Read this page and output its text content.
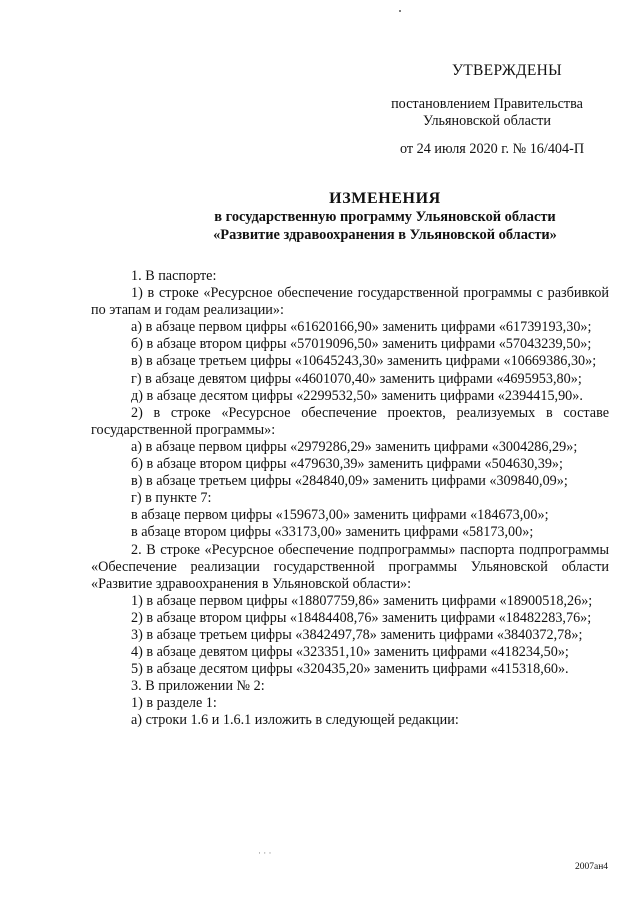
УТВЕРЖДЕНЫ
постановлением Правительства
Ульяновской области
от 24 июля 2020 г. № 16/404-П
ИЗМЕНЕНИЯ
в государственную программу Ульяновской области
«Развитие здравоохранения в Ульяновской области»

1. В паспорте:

1) в строке «Ресурсное обеспечение государственной программы с разбивкой по этапам и годам реализации»:

а) в абзаце первом цифры «61620166,90» заменить цифрами «61739193,30»;

б) в абзаце втором цифры «57019096,50» заменить цифрами «57043239,50»;

в) в абзаце третьем цифры «10645243,30» заменить цифрами «10669386,30»;

г) в абзаце девятом цифры «4601070,40» заменить цифрами «4695953,80»;

д) в абзаце десятом цифры «2299532,50» заменить цифрами «2394415,90».

2) в строке «Ресурсное обеспечение проектов, реализуемых в составе государственной программы»:

а) в абзаце первом цифры «2979286,29» заменить цифрами «3004286,29»;

б) в абзаце втором цифры «479630,39» заменить цифрами «504630,39»;

в) в абзаце третьем цифры «284840,09» заменить цифрами «309840,09»;

г) в пункте 7:

в абзаце первом цифры «159673,00» заменить цифрами «184673,00»;

в абзаце втором цифры «33173,00» заменить цифрами «58173,00»;

2. В строке «Ресурсное обеспечение подпрограммы» паспорта подпрограммы «Обеспечение реализации государственной программы Ульяновской области «Развитие здравоохранения в Ульяновской области»:

1) в абзаце первом цифры «18807759,86» заменить цифрами «18900518,26»;

2) в абзаце втором цифры «18484408,76» заменить цифрами «18482283,76»;

3) в абзаце третьем цифры «3842497,78» заменить цифрами «3840372,78»;

4) в абзаце девятом цифры «323351,10» заменить цифрами «418234,50»;

5) в абзаце десятом цифры «320435,20» заменить цифрами «415318,60».

3. В приложении № 2:

1) в разделе 1:

а) строки 1.6 и 1.6.1 изложить в следующей редакции:

· · ·
2007ан4
